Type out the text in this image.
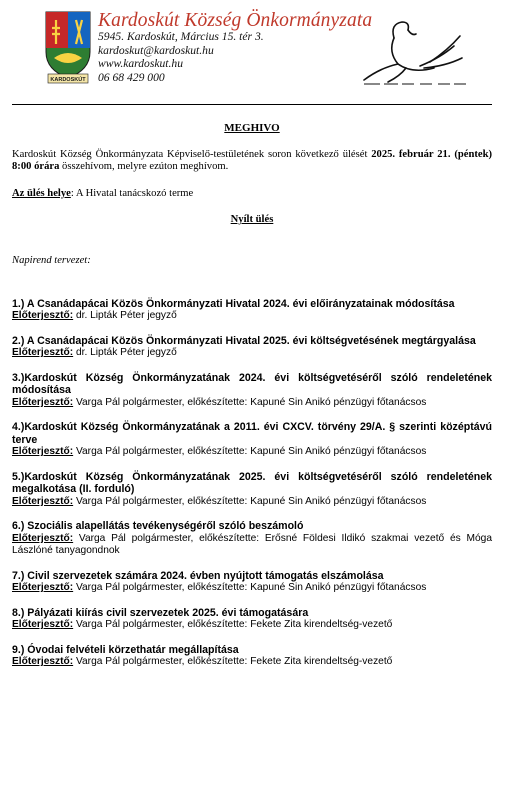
KARDOSKÚT
Kardoskút Község Önkormányzata
5945. Kardoskút, Március 15. tér 3.
kardoskut@kardoskut.hu
www.kardoskut.hu
06 68 429 000
MEGHIVO
Kardoskút Község Önkormányzata Képviselő-testületének soron következő ülését 2025. február 21. (péntek) 8:00 órára összehívom, melyre ezúton meghívom.
Az ülés helye: A Hivatal tanácskozó terme
Nyílt ülés
Napirend tervezet:
1.) A Csanádapácai Közös Önkormányzati Hivatal 2024. évi előirányzatainak módosítása
Előterjesztő: dr. Lipták Péter jegyző
2.) A Csanádapácai Közös Önkormányzati Hivatal 2025. évi költségvetésének megtárgyalása
Előterjesztő: dr. Lipták Péter jegyző
3.)Kardoskút Község Önkormányzatának 2024. évi költségvetéséről szóló rendeletének módosítása
Előterjesztő: Varga Pál polgármester, előkészítette: Kapuné Sin Anikó pénzügyi főtanácsos
4.)Kardoskút Község Önkormányzatának a 2011. évi CXCV. törvény 29/A. § szerinti középtávú terve
Előterjesztő: Varga Pál polgármester, előkészítette: Kapuné Sin Anikó pénzügyi főtanácsos
5.)Kardoskút Község Önkormányzatának 2025. évi költségvetéséről szóló rendeletének megalkotása (II. forduló)
Előterjesztő: Varga Pál polgármester, előkészítette: Kapuné Sin Anikó pénzügyi főtanácsos
6.) Szociális alapellátás tevékenységéről szóló beszámoló
Előterjesztő: Varga Pál polgármester, előkészítette: Erősné Földesi Ildikó szakmai vezető és Móga Lászlóné tanyagondnok
7.) Civil szervezetek számára 2024. évben nyújtott támogatás elszámolása
Előterjesztő: Varga Pál polgármester, előkészítette: Kapuné Sin Anikó pénzügyi főtanácsos
8.) Pályázati kiírás civil szervezetek 2025. évi támogatására
Előterjesztő: Varga Pál polgármester, előkészítette: Fekete Zita kirendeltség-vezető
9.) Óvodai felvételi körzethatár megállapítása
Előterjesztő: Varga Pál polgármester, előkészítette: Fekete Zita kirendeltség-vezető
